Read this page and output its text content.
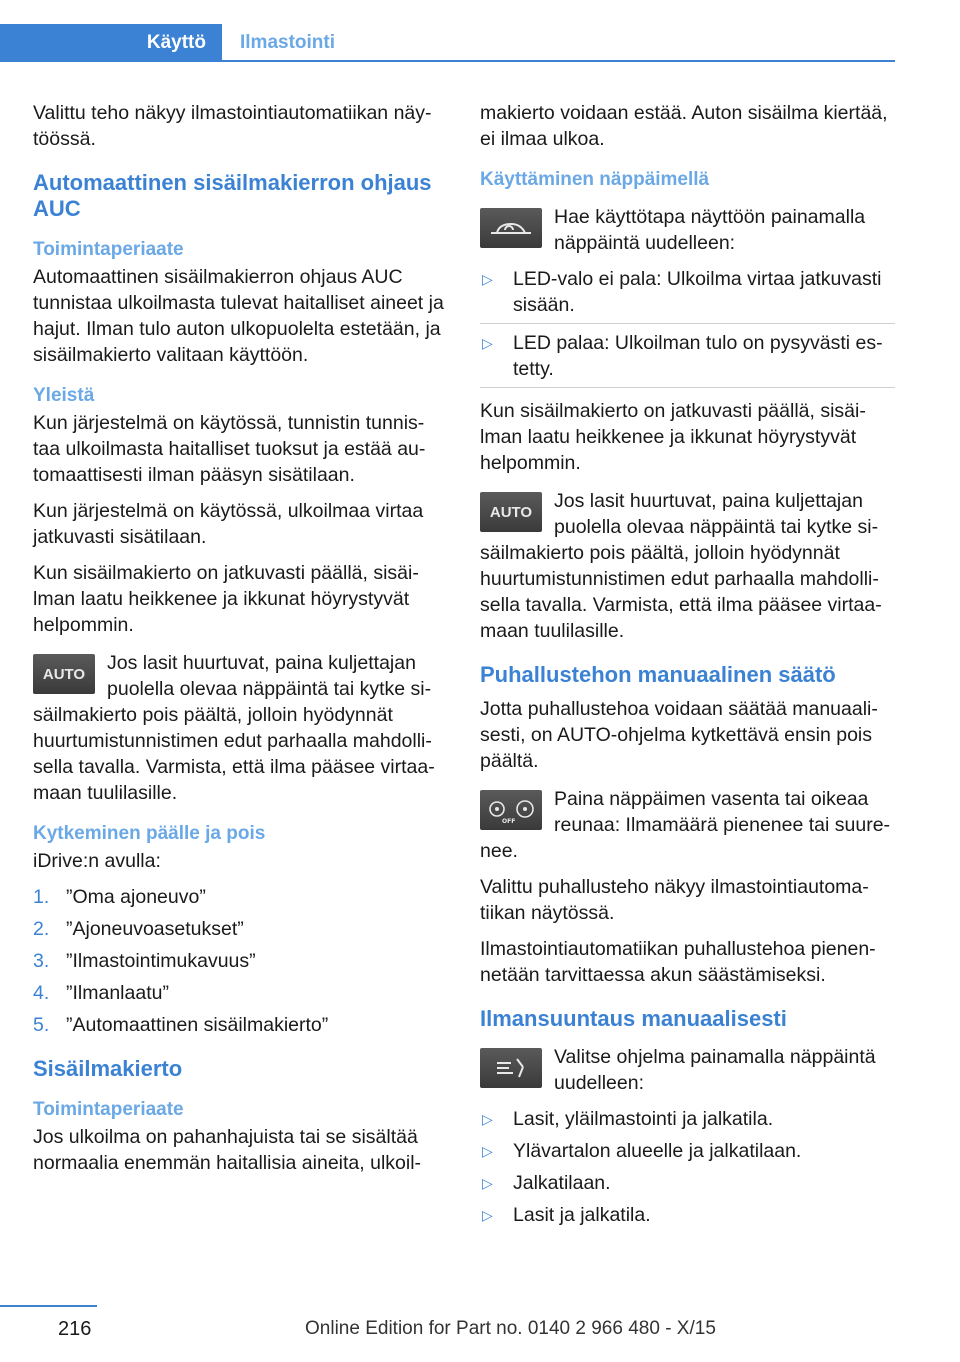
Käyttö	Ilmastointi

Valittu teho näkyy ilmastointiautomatiikan näy-töössä.

Automaattinen sisäilmakierron ohjaus AUC
Toimintaperiaate

Automaattinen sisäilmakierron ohjaus AUC tunnistaa ulkoilmasta tulevat haitalliset aineet ja hajut. Ilman tulo auton ulkopuolelta estetään, ja sisäilmakierto valitaan käyttöön.

Yleistä

Kun järjestelmä on käytössä, tunnistin tunnis-taa ulkoilmasta haitalliset tuoksut ja estää au-tomaattisesti ilman pääsyn sisätilaan.

Kun järjestelmä on käytössä, ulkoilmaa virtaa jatkuvasti sisätilaan.

Kun sisäilmakierto on jatkuvasti päällä, sisäi-lman laatu heikkenee ja ikkunat höyrystyvät helpommin.

AUTO	Jos lasit huurtuvat, paina kuljettajan puolella olevaa näppäintä tai kytke si-säilmakierto pois päältä, jolloin hyödynnät huurtumistunnistimen edut parhaalla mahdolli-sella tavalla. Varmista, että ilma pääsee virtaa-maan tuulilasille.

Kytkeminen päälle ja pois

iDrive:n avulla:

1. ”Oma ajoneuvo”
2. ”Ajoneuvoasetukset”
3. ”Ilmastointimukavuus”
4. ”Ilmanlaatu”
5. ”Automaattinen sisäilmakierto”
Sisäilmakierto
Toimintaperiaate

Jos ulkoilma on pahanhajuista tai se sisältää normaalia enemmän haitallisia aineita, ulkoil-

makierto voidaan estää. Auton sisäilma kiertää, ei ilmaa ulkoa.

Käyttäminen näppäimellä

Hae käyttötapa näyttöön painamalla näppäintä uudelleen:

▷ LED-valo ei pala: Ulkoilma virtaa jatkuvasti sisään.
▷ LED palaa: Ulkoilman tulo on pysyvästi es-tetty.

Kun sisäilmakierto on jatkuvasti päällä, sisäi-lman laatu heikkenee ja ikkunat höyrystyvät helpommin.

AUTO	Jos lasit huurtuvat, paina kuljettajan puolella olevaa näppäintä tai kytke si-säilmakierto pois päältä, jolloin hyödynnät huurtumistunnistimen edut parhaalla mahdolli-sella tavalla. Varmista, että ilma pääsee virtaa-maan tuulilasille.

Puhallustehon manuaalinen säätö

Jotta puhallustehoa voidaan säätää manuaali-sesti, on AUTO-ohjelma kytkettävä ensin pois päältä.

OFF

Paina näppäimen vasenta tai oikeaa reunaa: Ilmamäärä pienenee tai suure-nee.

Valittu puhallusteho näkyy ilmastointiautoma-tiikan näytössä.

Ilmastointiautomatiikan puhallustehoa pienen-netään tarvittaessa akun säästämiseksi.

Ilmansuuntaus manuaalisesti

Valitse ohjelma painamalla näppäintä uudelleen:

▷ Lasit, yläilmastointi ja jalkatila.
▷ Ylävartalon alueelle ja jalkatilaan.
▷ Jalkatilaan.
▷ Lasit ja jalkatila.
216	Online Edition for Part no. 0140 2 966 480 - X/15
